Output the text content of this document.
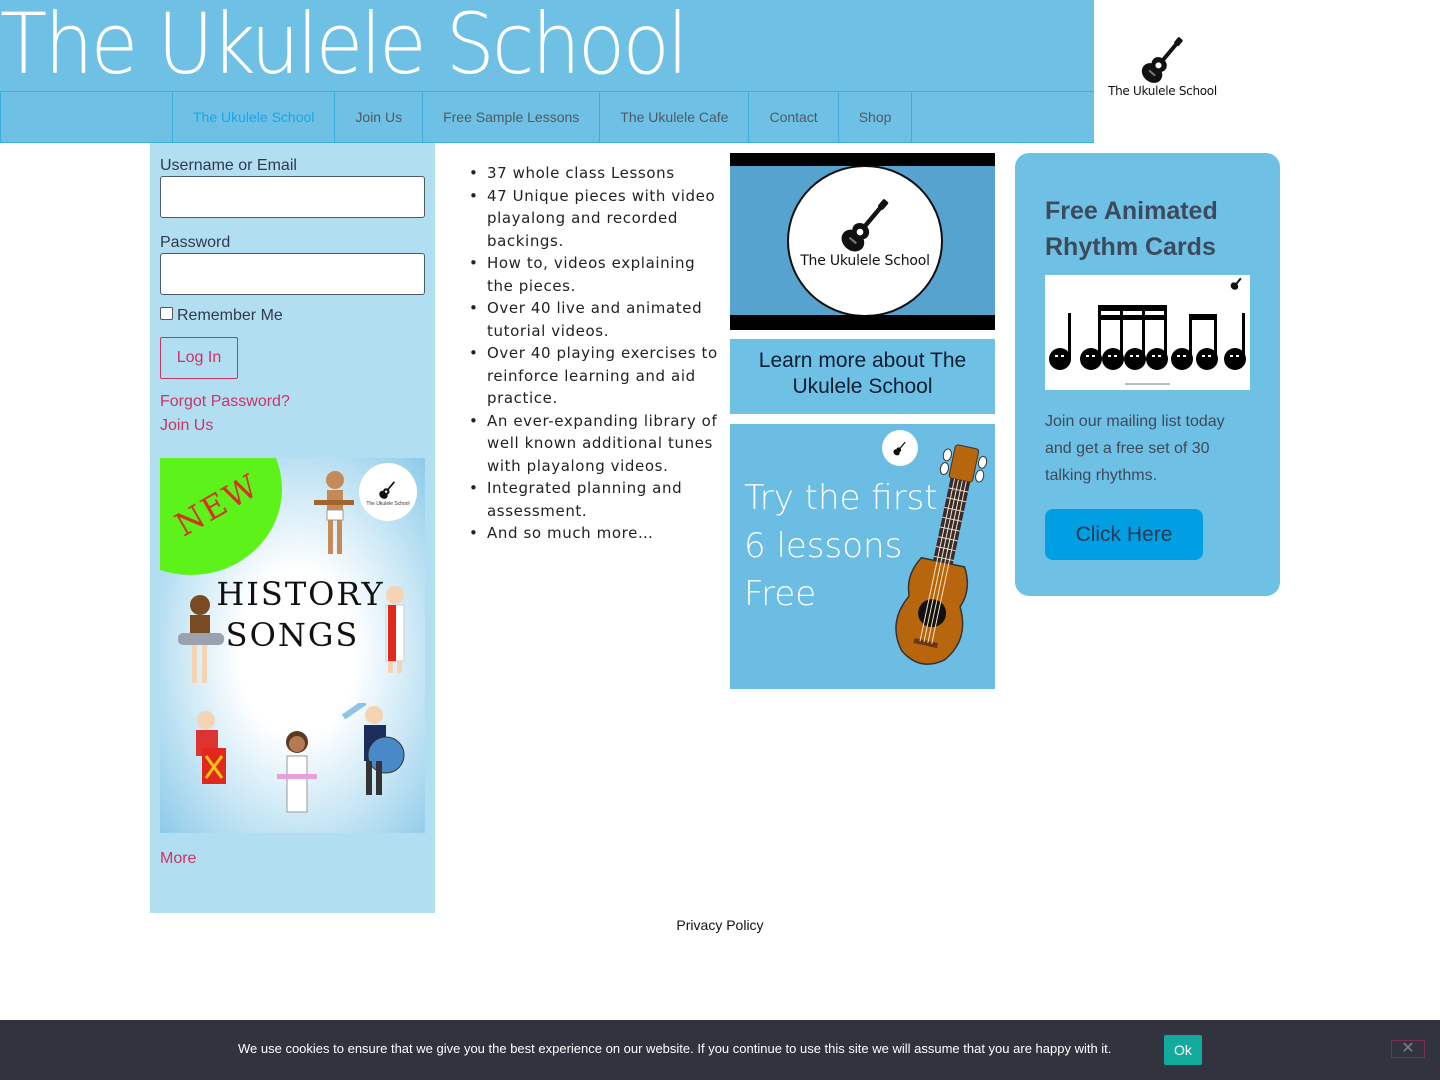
The Ukulele School
The Ukulele School	Join Us	Free Sample Lessons	The Ukulele Cafe	Contact	Shop
The Ukulele School
Username or Email
Password
Remember Me
Log In
Forgot Password?
Join Us
NEW	The Ukulele School
HISTORY
SONGS
More
• 37 whole class Lessons
• 47 Unique pieces with video playalong and recorded backings.
• How to, videos explaining the pieces.
• Over 40 live and animated tutorial videos.
• Over 40 playing exercises to reinforce learning and aid practice.
• An ever-expanding library of well known additional tunes with playalong videos.
• Integrated planning and assessment.
• And so much more…
The Ukulele School
Learn more about The Ukulele School
Try the first
6 lessons
Free
Free Animated Rhythm Cards
Join our mailing list today and get a free set of 30 talking rhythms.
Click Here
Privacy Policy
We use cookies to ensure that we give you the best experience on our website. If you continue to use this site we will assume that you are happy with it.	Ok	✕
